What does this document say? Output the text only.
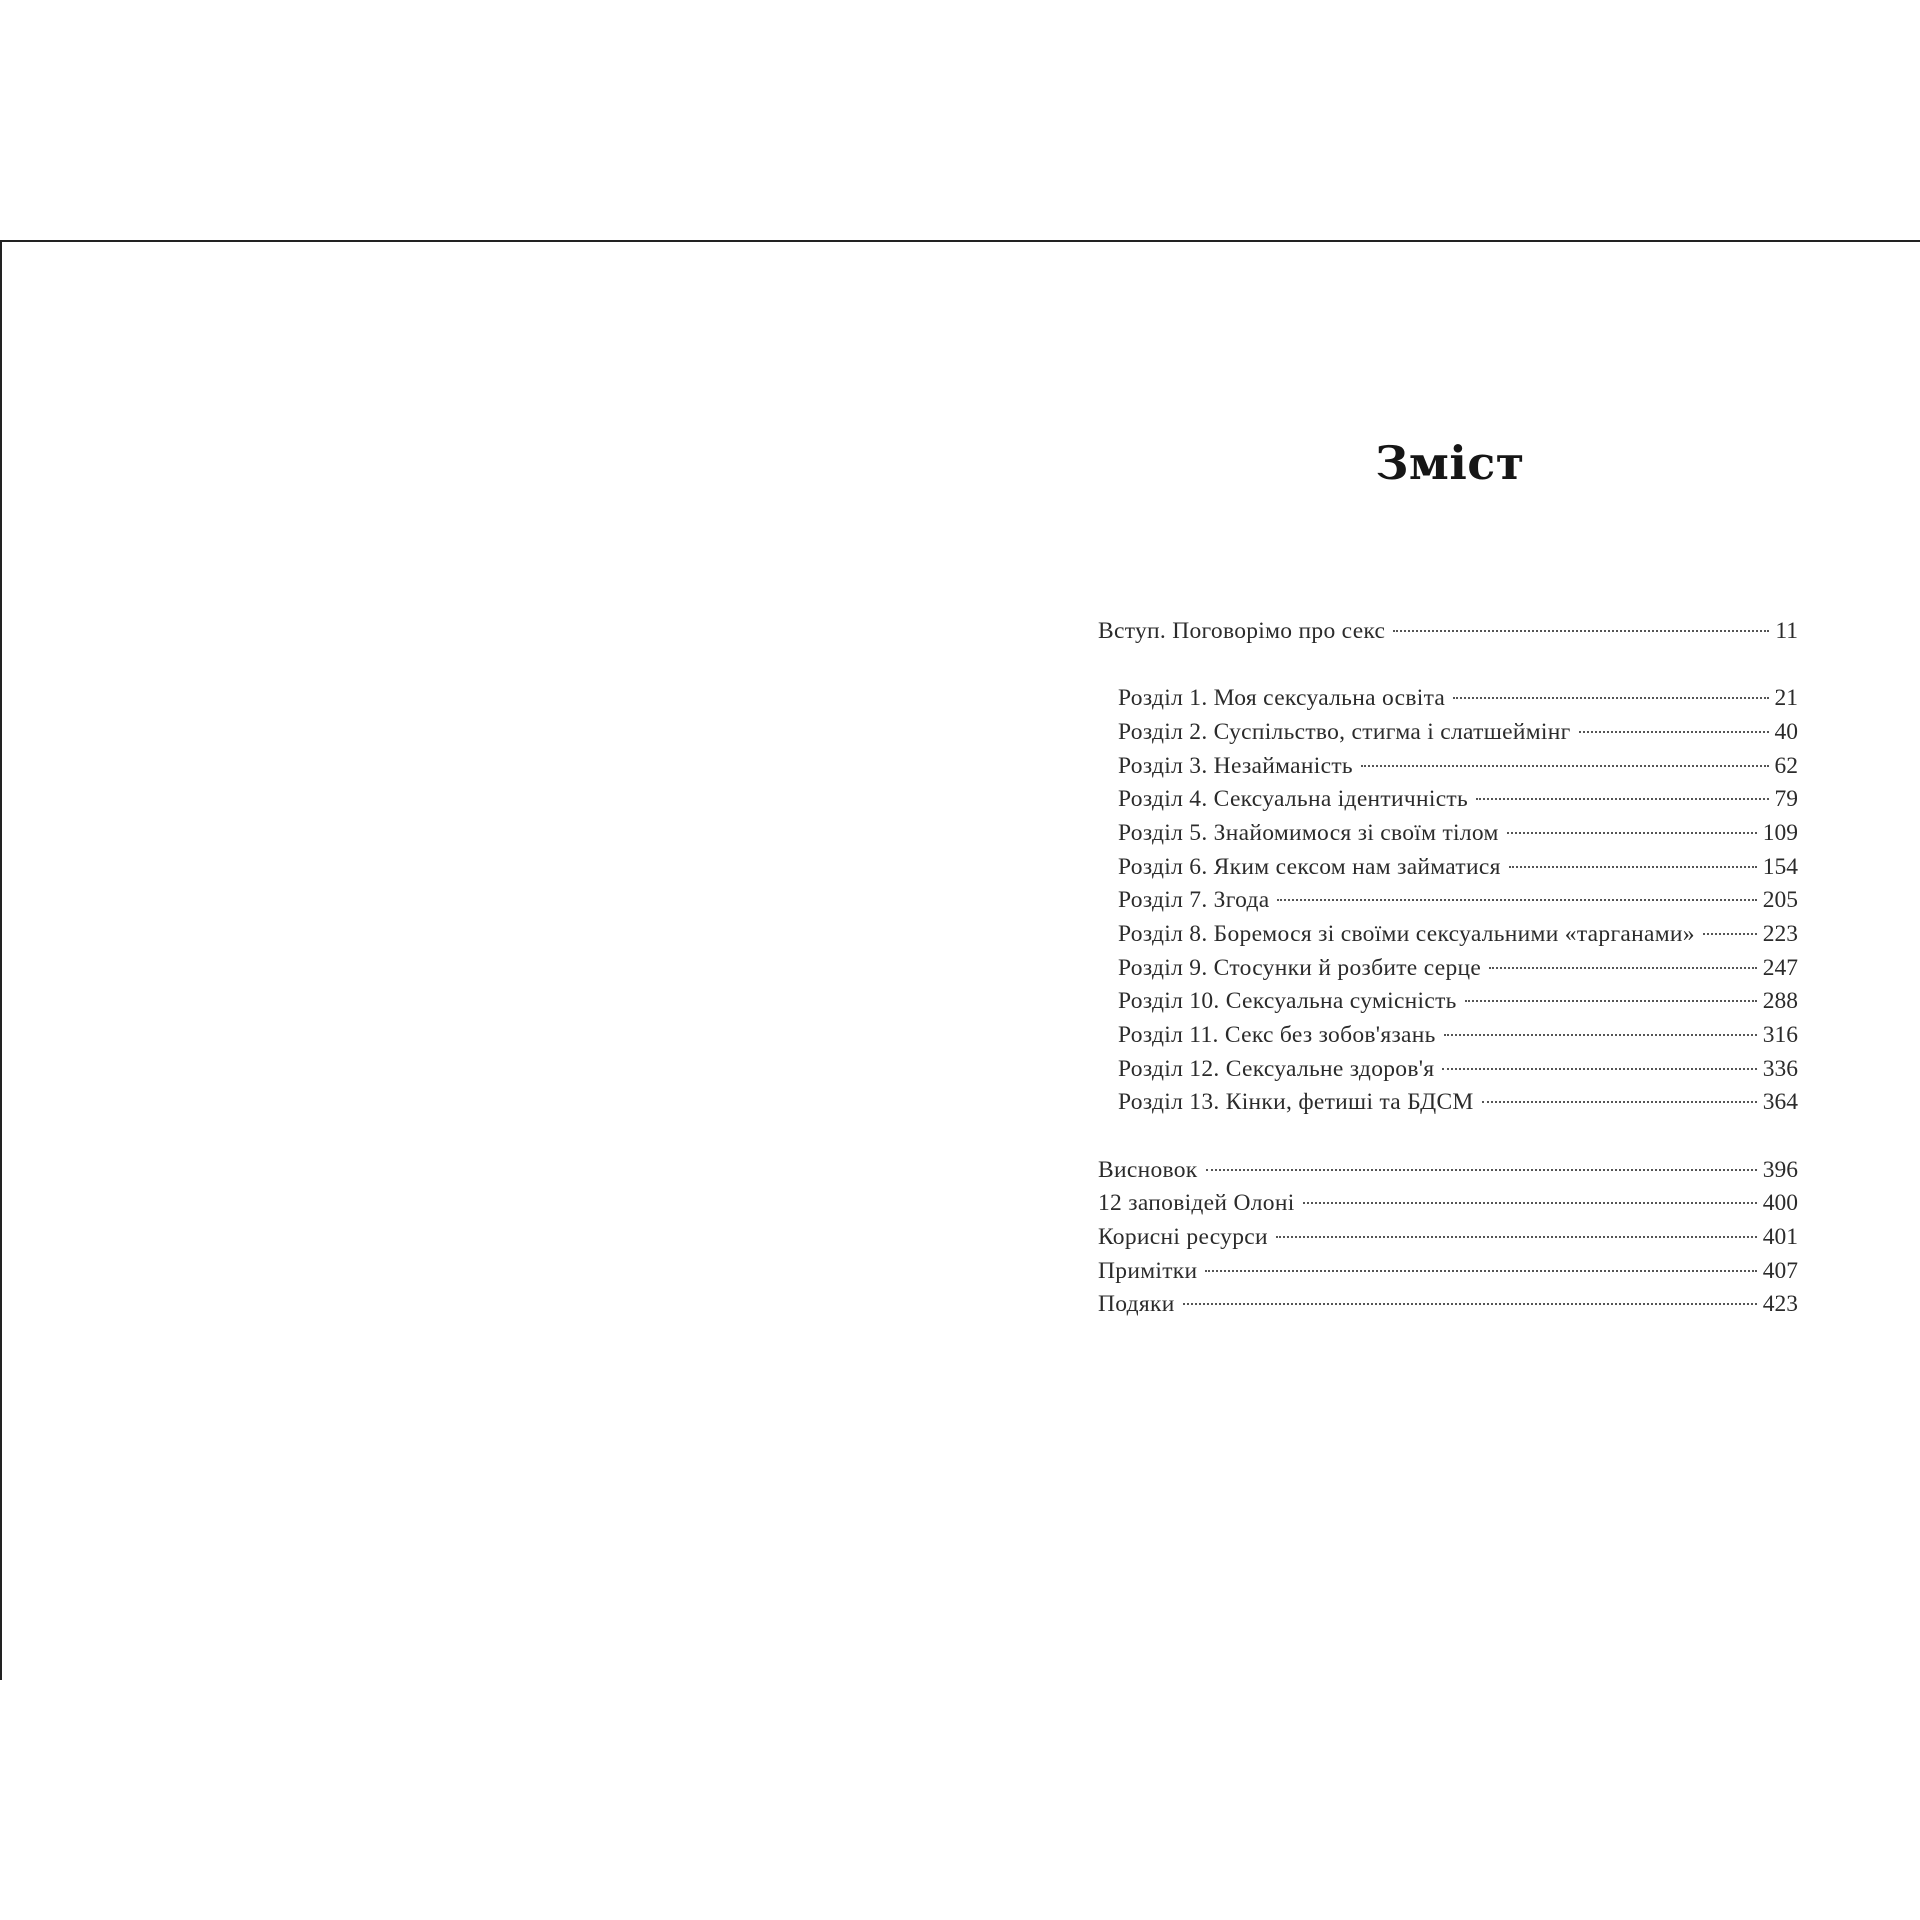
Зміст
Вступ. Поговорімо про секс	11
Розділ 1. Моя сексуальна освіта	21
Розділ 2. Суспільство, стигма і слатшеймінг	40
Розділ 3. Незайманість	62
Розділ 4. Сексуальна ідентичність	79
Розділ 5. Знайомимося зі своїм тілом	109
Розділ 6. Яким сексом нам займатися	154
Розділ 7. Згода	205
Розділ 8. Боремося зі своїми сексуальними «тарганами»	223
Розділ 9. Стосунки й розбите серце	247
Розділ 10. Сексуальна сумісність	288
Розділ 11. Секс без зобов'язань	316
Розділ 12. Сексуальне здоров'я	336
Розділ 13. Кінки, фетиші та БДСМ	364
Висновок	396
12 заповідей Олоні	400
Корисні ресурси	401
Примітки	407
Подяки	423
